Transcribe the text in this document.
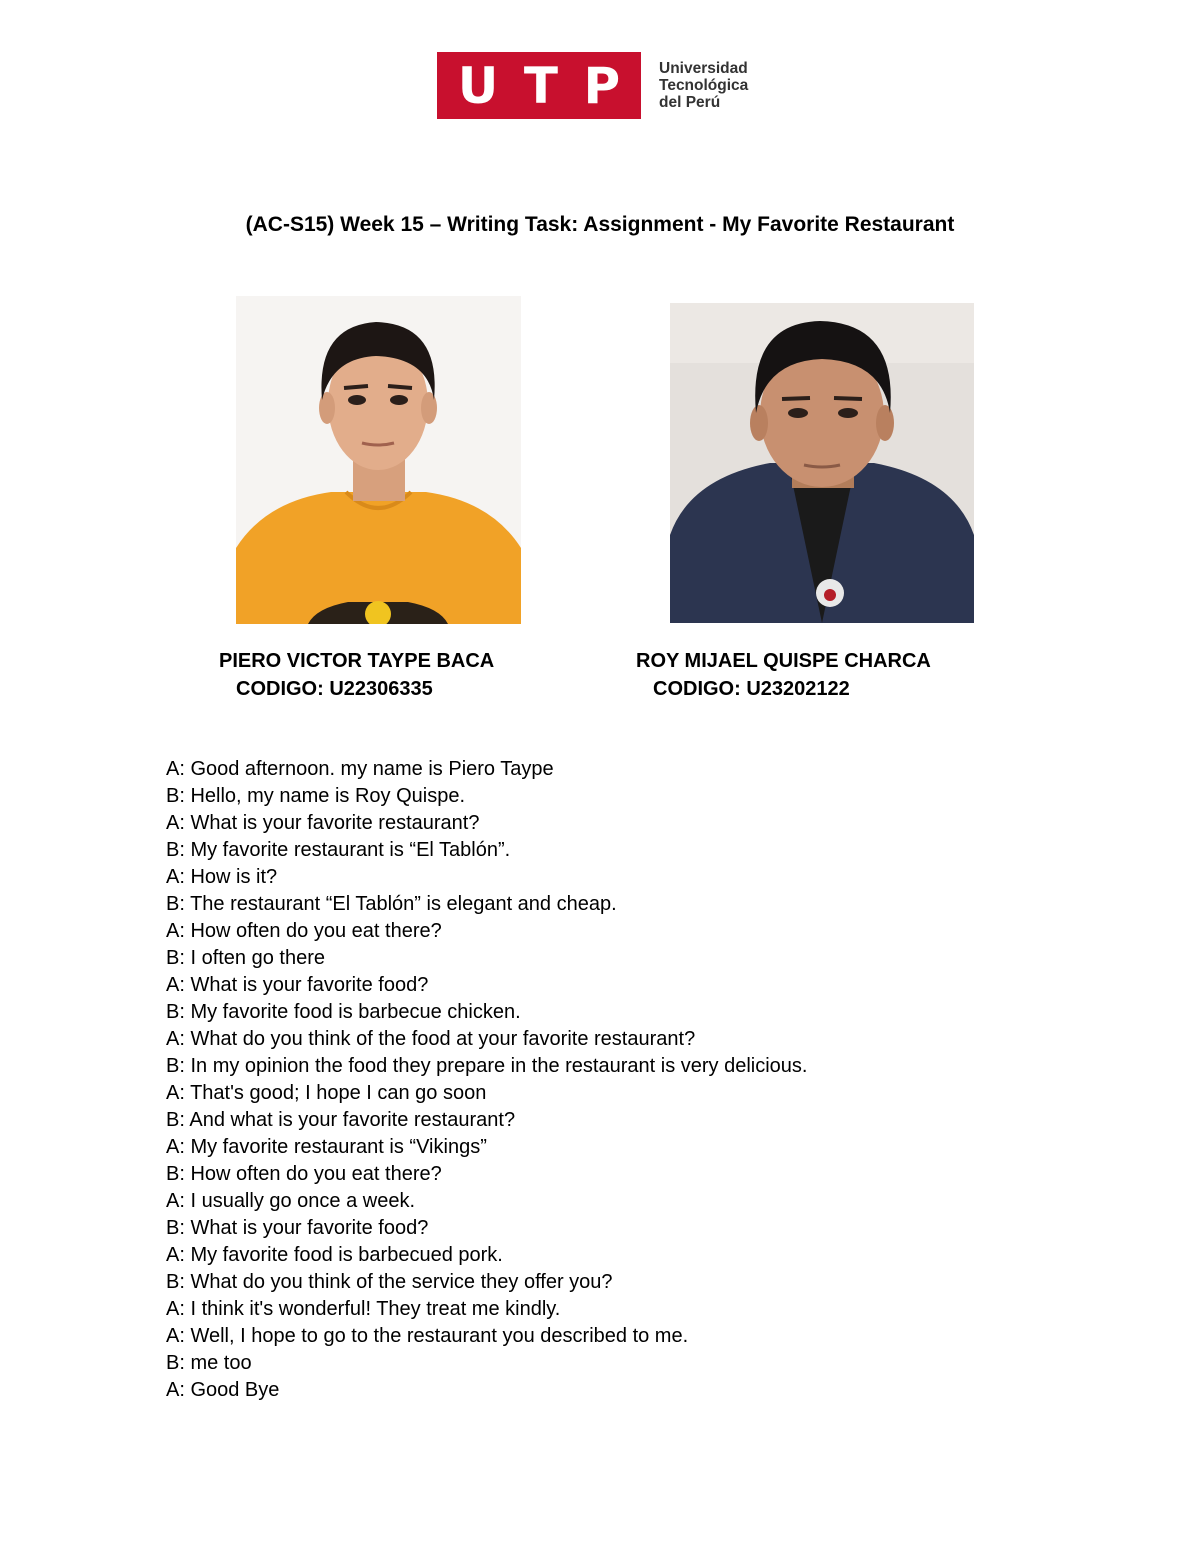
U T P	Universidad
Tecnológica
del Perú
(AC-S15) Week 15 – Writing Task: Assignment - My Favorite Restaurant
PIERO VICTOR TAYPE BACA
CODIGO: U22306335
ROY MIJAEL QUISPE CHARCA
CODIGO: U23202122
A: Good afternoon. my name is Piero Taype
B: Hello, my name is Roy Quispe.
A: What is your favorite restaurant?
B: My favorite restaurant is “El Tablón”.
A: How is it?
B: The restaurant “El Tablón” is elegant and cheap.
A: How often do you eat there?
B: I often go there
A: What is your favorite food?
B: My favorite food is barbecue chicken.
A: What do you think of the food at your favorite restaurant?
B: In my opinion the food they prepare in the restaurant is very delicious.
A: That's good; I hope I can go soon
B: And what is your favorite restaurant?
A: My favorite restaurant is “Vikings”
B: How often do you eat there?
A: I usually go once a week.
B: What is your favorite food?
A: My favorite food is barbecued pork.
B: What do you think of the service they offer you?
A: I think it's wonderful! They treat me kindly.
A: Well, I hope to go to the restaurant you described to me.
B: me too
A: Good Bye
